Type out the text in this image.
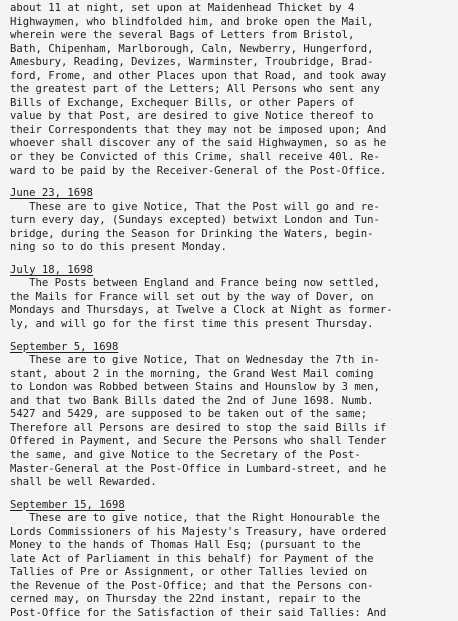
about 11 at night, set upon at Maidenhead Thicket by 4
Highwaymen, who blindfolded him, and broke open the Mail,
wherein were the several Bags of Letters from Bristol,
Bath, Chipenham, Marlborough, Caln, Newberry, Hungerford,
Amesbury, Reading, Devizes, Warminster, Troubridge, Brad-
ford, Frome, and other Places upon that Road, and took away
the greatest part of the Letters; All Persons who sent any
Bills of Exchange, Exchequer Bills, or other Papers of
value by that Post, are desired to give Notice thereof to
their Correspondents that they may not be imposed upon; And
whoever shall discover any of the said Highwaymen, so as he
or they be Convicted of this Crime, shall receive 40l. Re-
ward to be paid by the Receiver-General of the Post-Office.
June 23, 1698
These are to give Notice, That the Post will go and re-
turn every day, (Sundays excepted) betwixt London and Tun-
bridge, during the Season for Drinking the Waters, begin-
ning so to do this present Monday.
July 18, 1698
The Posts between England and France being now settled,
the Mails for France will set out by the way of Dover, on
Mondays and Thursdays, at Twelve a Clock at Night as former-
ly, and will go for the first time this present Thursday.
September 5, 1698
These are to give Notice, That on Wednesday the 7th in-
stant, about 2 in the morning, the Grand West Mail coming
to London was Robbed between Stains and Hounslow by 3 men,
and that two Bank Bills dated the 2nd of June 1698. Numb.
5427 and 5429, are supposed to be taken out of the same;
Therefore all Persons are desired to stop the said Bills if
Offered in Payment, and Secure the Persons who shall Tender
the same, and give Notice to the Secretary of the Post-
Master-General at the Post-Office in Lumbard-street, and he
shall be well Rewarded.
September 15, 1698
These are to give notice, that the Right Honourable the
Lords Commissioners of his Majesty's Treasury, have ordered
Money to the hands of Thomas Hall Esq; (pursuant to the
late Act of Parliament in this behalf) for Payment of the
Tallies of Pre or Assignment, or other Tallies levied on
the Revenue of the Post-Office; and that the Persons con-
cerned may, on Thursday the 22nd instant, repair to the
Post-Office for the Satisfaction of their said Tallies: And
